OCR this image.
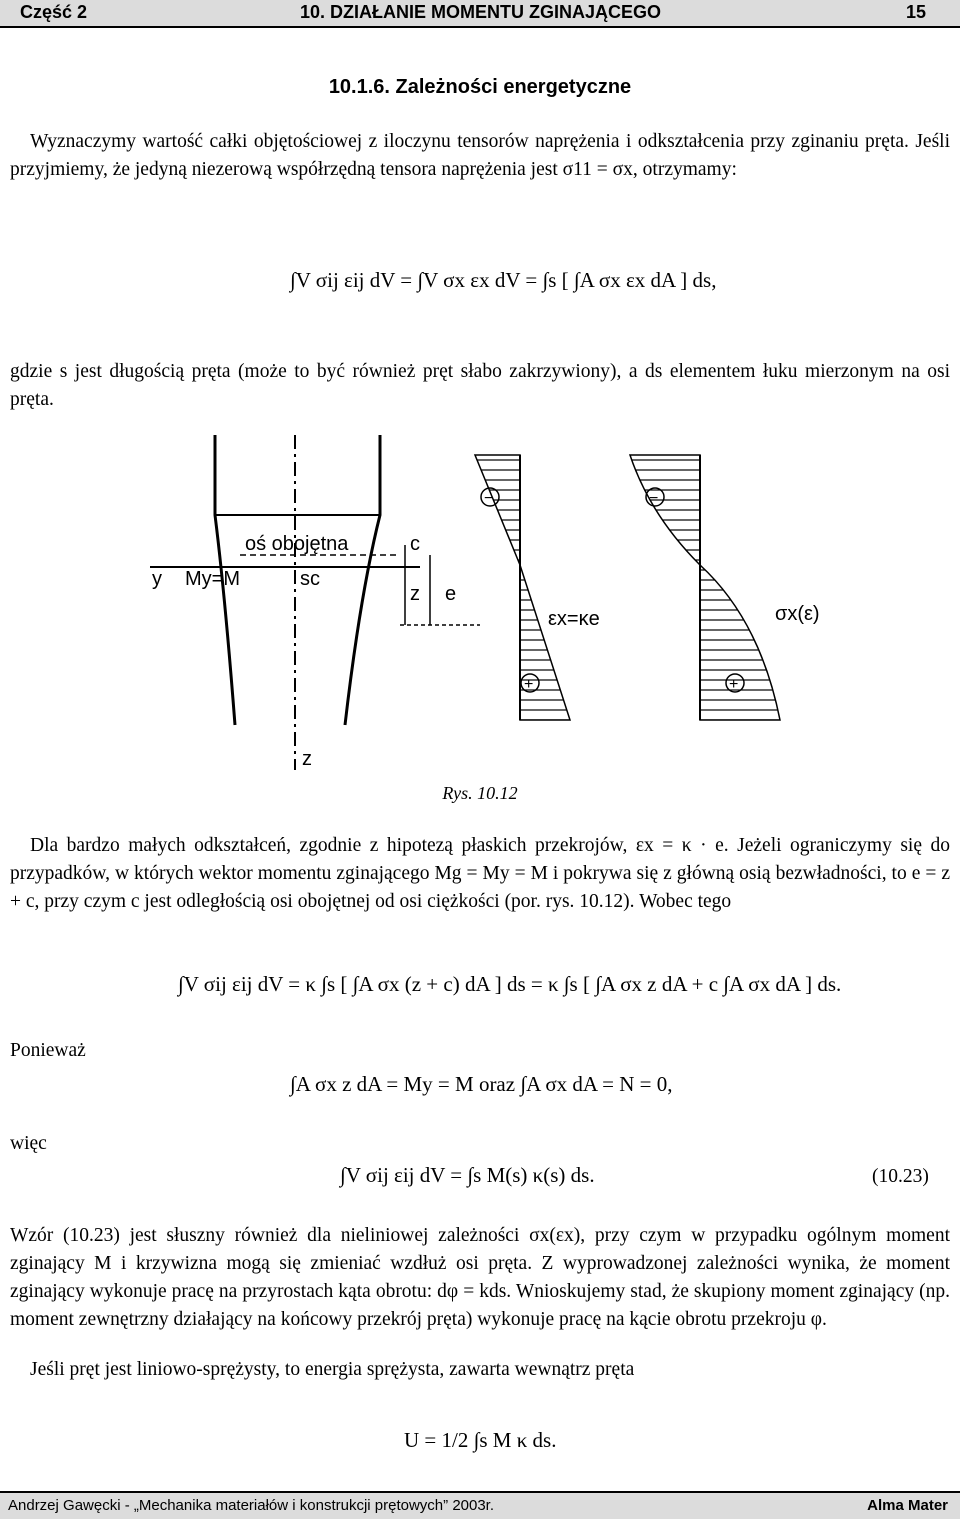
Część 2	10. DZIAŁANIE MOMENTU ZGINAJĄCEGO	15
10.1.6. Zależności energetyczne
Wyznaczymy wartość całki objętościowej z iloczynu tensorów naprężenia i odkształcenia przy zginaniu pręta. Jeśli przyjmiemy, że jedyną niezerową współrzędną tensora naprężenia jest σ11 = σx, otrzymamy:
∫V σij εij dV = ∫V σx εx dV = ∫s [ ∫A σx εx dA ] ds,
gdzie s jest długością pręta (może to być również pręt słabo zakrzywiony), a ds elementem łuku mierzonym na osi pręta.
oś obojętna	c
y My=M	sc
z e
z
−
+
εx=κe
−
+
σx(ε)
Rys. 10.12
Dla bardzo małych odkształceń, zgodnie z hipotezą płaskich przekrojów, εx = κ · e. Jeżeli ograniczymy się do przypadków, w których wektor momentu zginającego Mg = My = M i pokrywa się z główną osią bezwładności, to e = z + c, przy czym c jest odległością osi obojętnej od osi ciężkości (por. rys. 10.12). Wobec tego
∫V σij εij dV = κ ∫s [ ∫A σx (z + c) dA ] ds = κ ∫s [ ∫A σx z dA + c ∫A σx dA ] ds.
Ponieważ
∫A σx z dA = My = M oraz ∫A σx dA = N = 0,
więc
∫V σij εij dV = ∫s M(s) κ(s) ds.	(10.23)
Wzór (10.23) jest słuszny również dla nieliniowej zależności σx(εx), przy czym w przypadku ogólnym moment zginający M i krzywizna mogą się zmieniać wzdłuż osi pręta. Z wyprowadzonej zależności wynika, że moment zginający wykonuje pracę na przyrostach kąta obrotu: dφ = kds. Wnioskujemy stad, że skupiony moment zginający (np. moment zewnętrzny działający na końcowy przekrój pręta) wykonuje pracę na kącie obrotu przekroju φ.
Jeśli pręt jest liniowo-sprężysty, to energia sprężysta, zawarta wewnątrz pręta
U = 1/2 ∫s M κ ds.
Andrzej Gawęcki - „Mechanika materiałów i konstrukcji prętowych” 2003r.	Alma Mater
